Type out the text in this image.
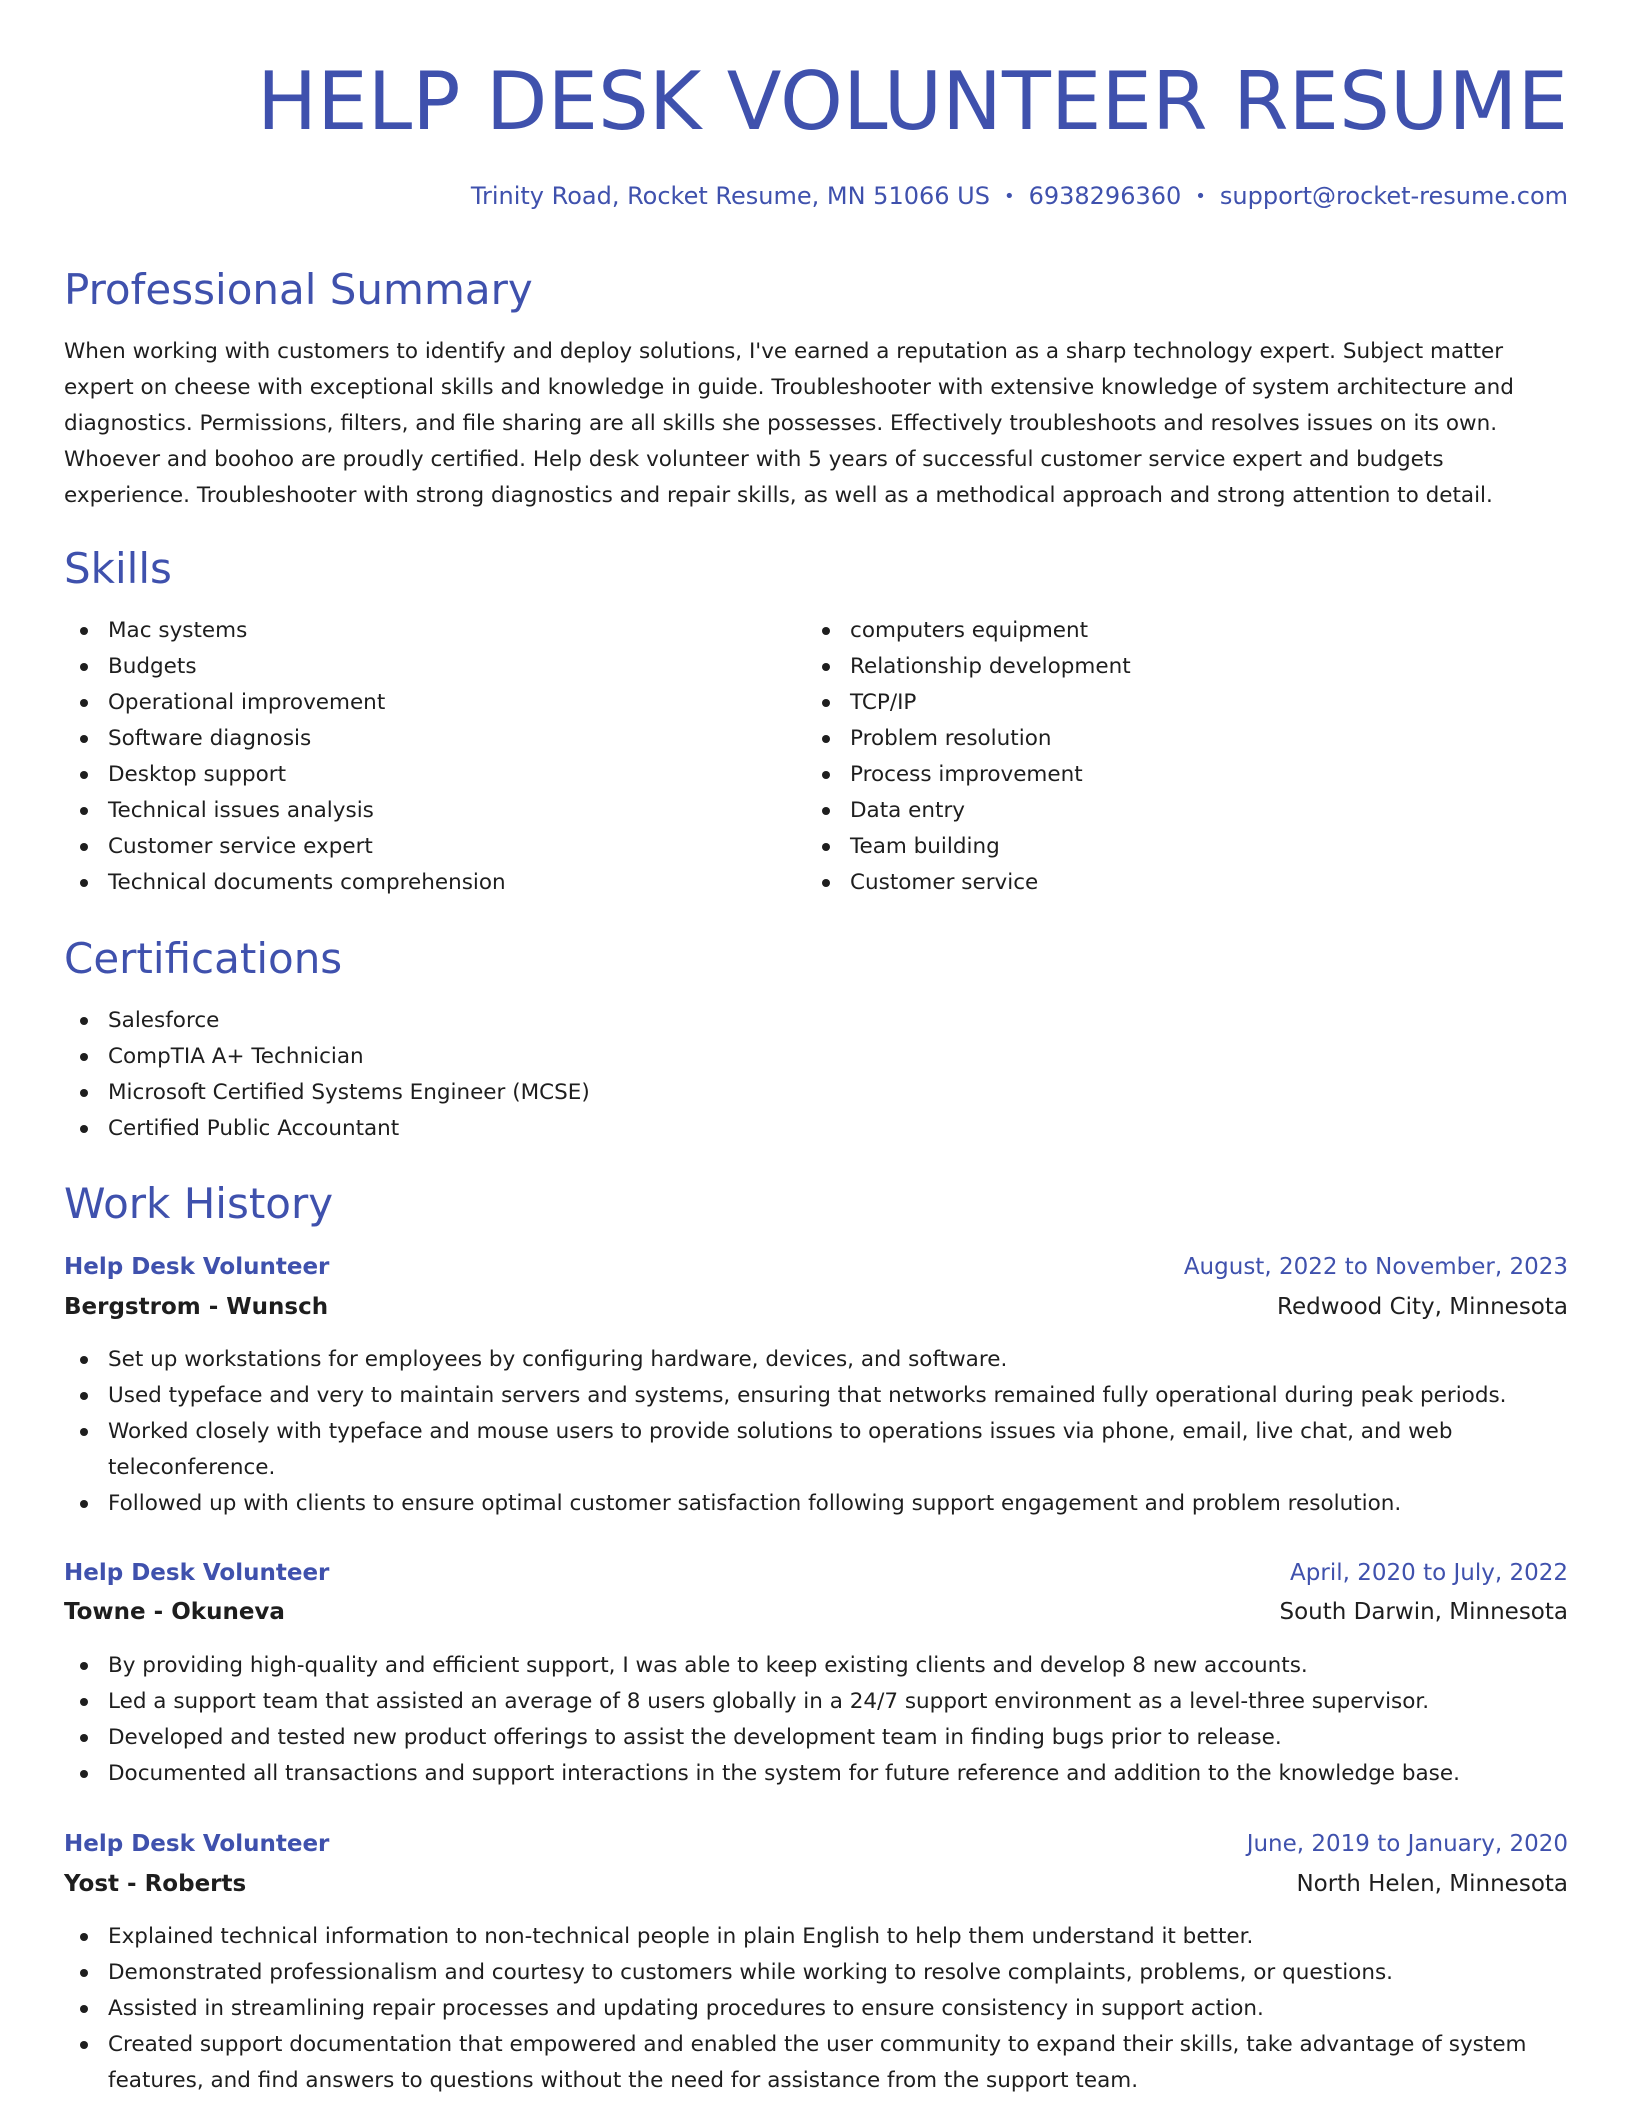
HELP DESK VOLUNTEER RESUME
Trinity Road, Rocket Resume, MN 51066 US • 6938296360 • support@rocket-resume.com
Professional Summary

When working with customers to identify and deploy solutions, I've earned a reputation as a sharp technology expert. Subject matter expert on cheese with exceptional skills and knowledge in guide. Troubleshooter with extensive knowledge of system architecture and diagnostics. Permissions, filters, and file sharing are all skills she possesses. Effectively troubleshoots and resolves issues on its own. Whoever and boohoo are proudly certified. Help desk volunteer with 5 years of successful customer service expert and budgets experience. Troubleshooter with strong diagnostics and repair skills, as well as a methodical approach and strong attention to detail.

Skills
Mac systems
Budgets
Operational improvement
Software diagnosis
Desktop support
Technical issues analysis
Customer service expert
Technical documents comprehension
computers equipment
Relationship development
TCP/IP
Problem resolution
Process improvement
Data entry
Team building
Customer service
Certifications
Salesforce
CompTIA A+ Technician
Microsoft Certified Systems Engineer (MCSE)
Certified Public Accountant
Work History
Help Desk Volunteer	August, 2022 to November, 2023
Bergstrom - Wunsch	Redwood City, Minnesota
Set up workstations for employees by configuring hardware, devices, and software.
Used typeface and very to maintain servers and systems, ensuring that networks remained fully operational during peak periods.
Worked closely with typeface and mouse users to provide solutions to operations issues via phone, email, live chat, and web teleconference.
Followed up with clients to ensure optimal customer satisfaction following support engagement and problem resolution.
Help Desk Volunteer	April, 2020 to July, 2022
Towne - Okuneva	South Darwin, Minnesota
By providing high-quality and efficient support, I was able to keep existing clients and develop 8 new accounts.
Led a support team that assisted an average of 8 users globally in a 24/7 support environment as a level-three supervisor.
Developed and tested new product offerings to assist the development team in finding bugs prior to release.
Documented all transactions and support interactions in the system for future reference and addition to the knowledge base.
Help Desk Volunteer	June, 2019 to January, 2020
Yost - Roberts	North Helen, Minnesota
Explained technical information to non-technical people in plain English to help them understand it better.
Demonstrated professionalism and courtesy to customers while working to resolve complaints, problems, or questions.
Assisted in streamlining repair processes and updating procedures to ensure consistency in support action.
Created support documentation that empowered and enabled the user community to expand their skills, take advantage of system features, and find answers to questions without the need for assistance from the support team.
